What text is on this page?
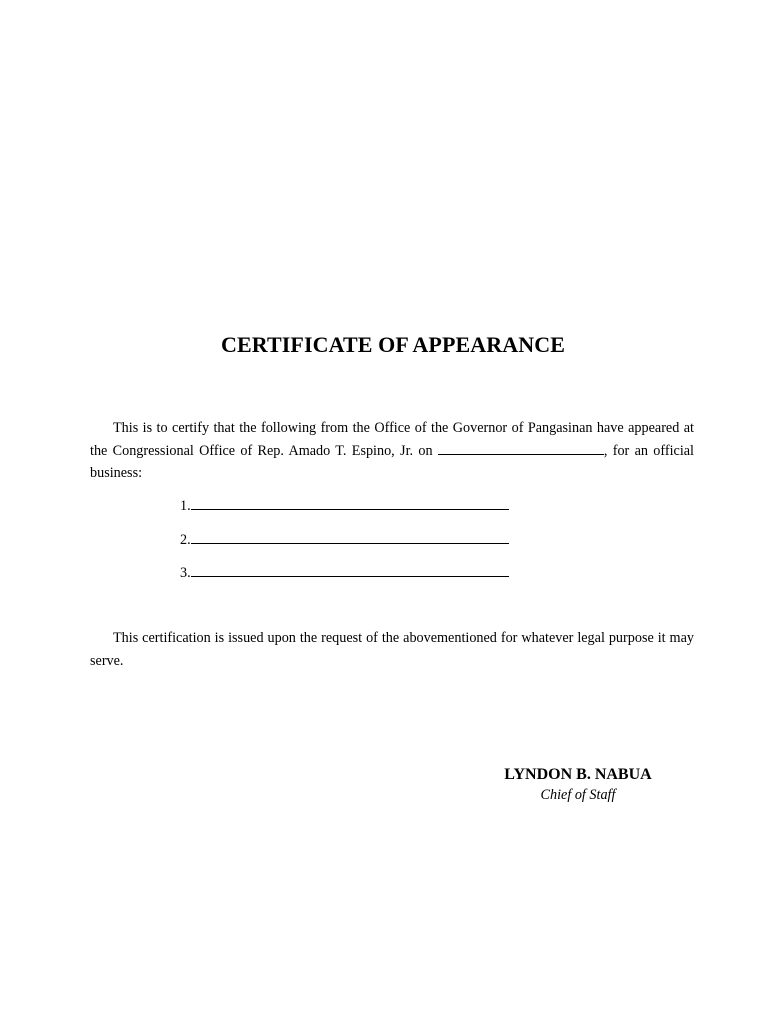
CERTIFICATE OF APPEARANCE

This is to certify that the following from the Office of the Governor of Pangasinan have appeared at the Congressional Office of Rep. Amado T. Espino, Jr. on	, for an official business:

1.
2.
3.

This certification is issued upon the request of the abovementioned for whatever legal purpose it may serve.

LYNDON B. NABUA

Chief of Staff
